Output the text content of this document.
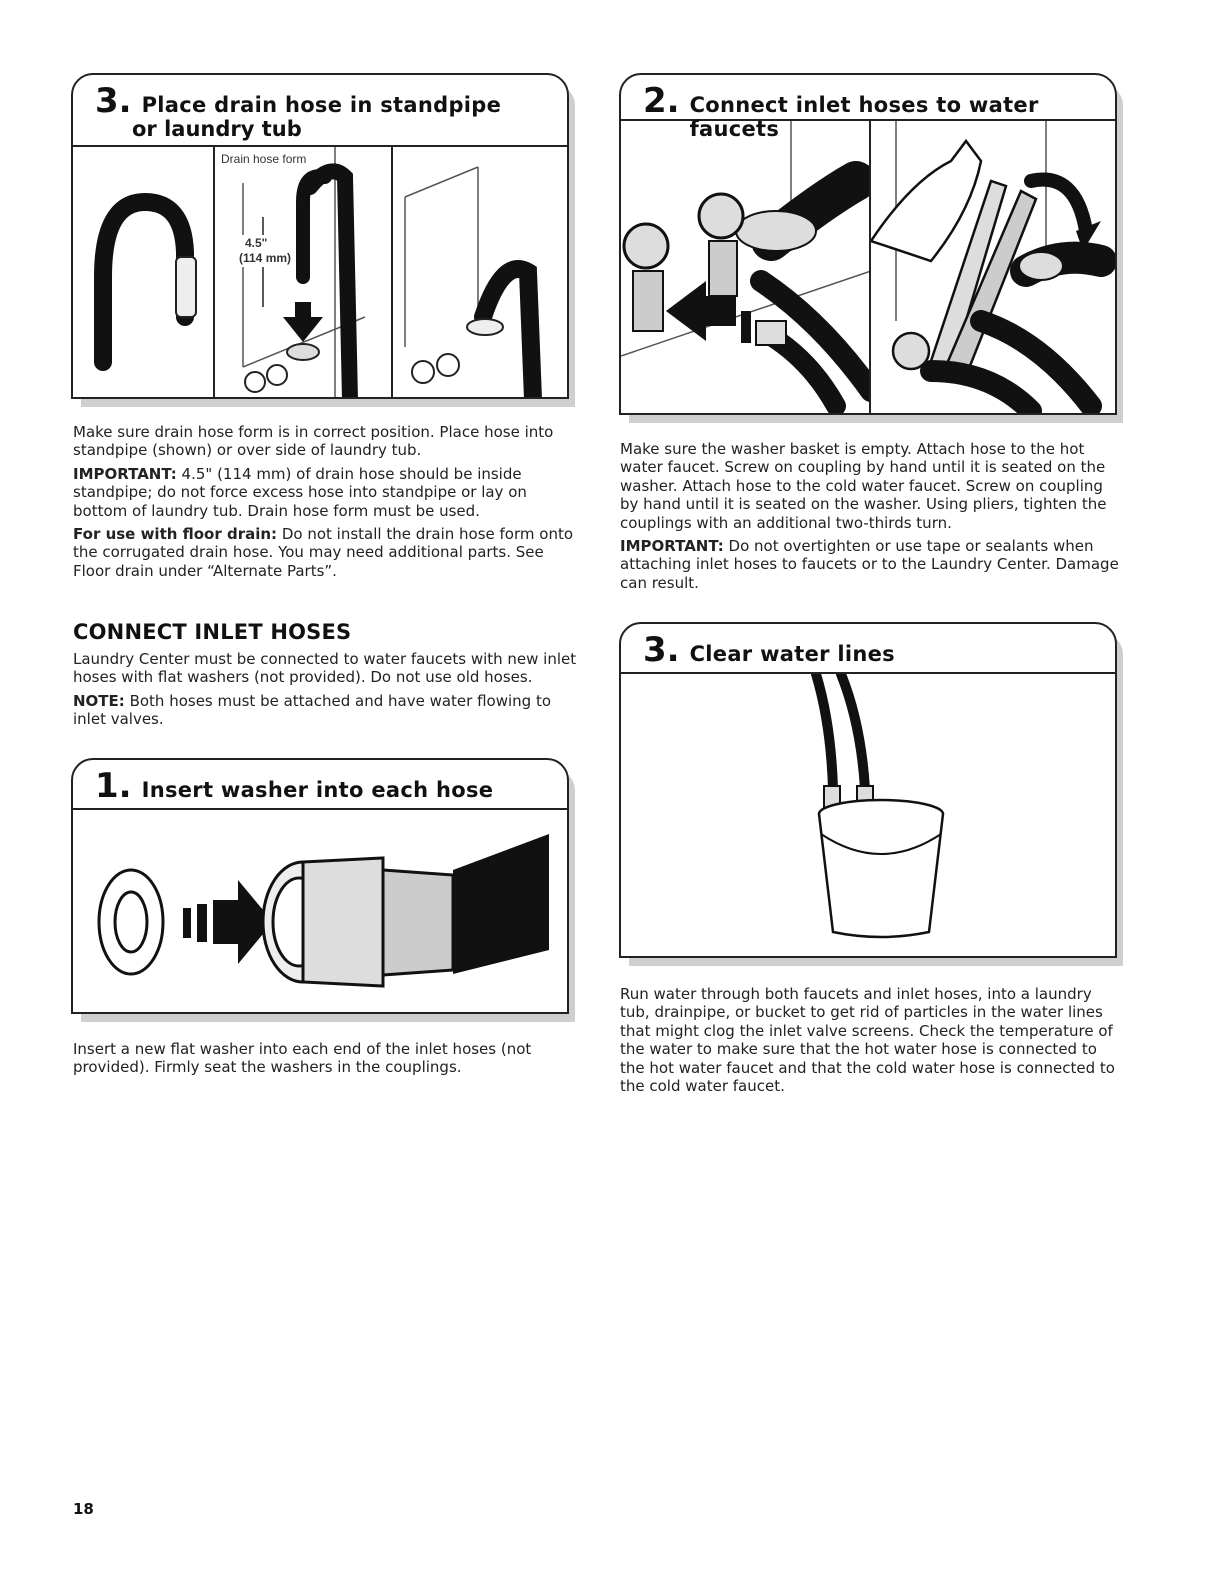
3. Place drain hose in standpipe
or laundry tub
Drain hose form
4.5"
(114 mm)

Make sure drain hose form is in correct position. Place hose into standpipe (shown) or over side of laundry tub.

IMPORTANT: 4.5" (114 mm) of drain hose should be inside standpipe; do not force excess hose into standpipe or lay on bottom of laundry tub. Drain hose form must be used.

For use with floor drain: Do not install the drain hose form onto the corrugated drain hose. You may need additional parts. See Floor drain under “Alternate Parts”.

CONNECT INLET HOSES

Laundry Center must be connected to water faucets with new inlet hoses with flat washers (not provided). Do not use old hoses.

NOTE: Both hoses must be attached and have water flowing to inlet valves.

1. Insert washer into each hose
Insert a new flat washer into each end of the inlet hoses (not provided). Firmly seat the washers in the couplings.
2. Connect inlet hoses to water faucets

Make sure the washer basket is empty. Attach hose to the hot water faucet. Screw on coupling by hand until it is seated on the washer. Attach hose to the cold water faucet. Screw on coupling by hand until it is seated on the washer. Using pliers, tighten the couplings with an additional two-thirds turn.

IMPORTANT: Do not overtighten or use tape or sealants when attaching inlet hoses to faucets or to the Laundry Center. Damage can result.

3. Clear water lines
Run water through both faucets and inlet hoses, into a laundry tub, drainpipe, or bucket to get rid of particles in the water lines that might clog the inlet valve screens. Check the temperature of the water to make sure that the hot water hose is connected to the hot water faucet and that the cold water hose is connected to the cold water faucet.
18
